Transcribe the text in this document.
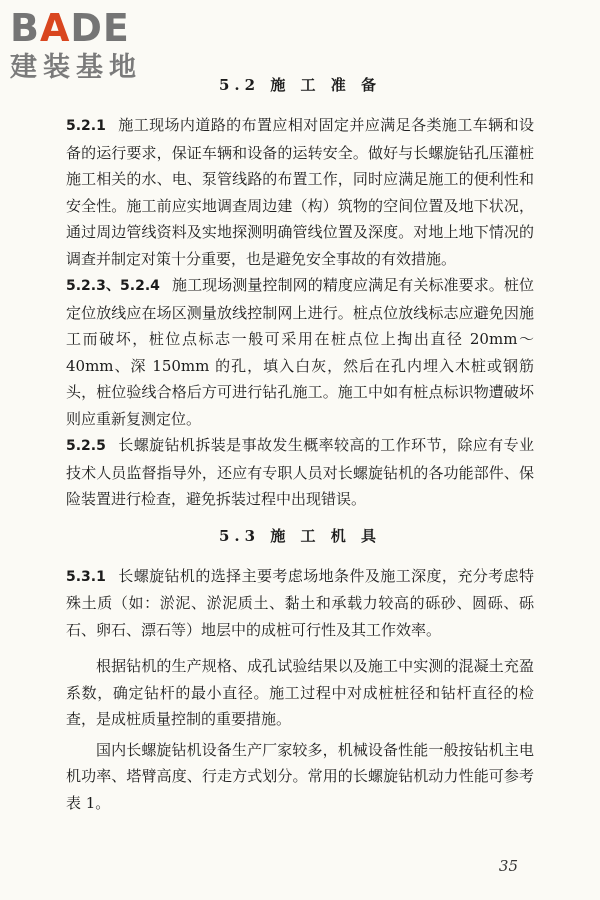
BADE
建装基地
5.2 施 工 准 备

5.2.1 施工现场内道路的布置应相对固定并应满足各类施工车辆和设备的运行要求，保证车辆和设备的运转安全。做好与长螺旋钻孔压灌桩施工相关的水、电、泵管线路的布置工作，同时应满足施工的便利性和安全性。施工前应实地调查周边建（构）筑物的空间位置及地下状况，通过周边管线资料及实地探测明确管线位置及深度。对地上地下情况的调查并制定对策十分重要，也是避免安全事故的有效措施。

5.2.3、5.2.4 施工现场测量控制网的精度应满足有关标准要求。桩位定位放线应在场区测量放线控制网上进行。桩点位放线标志应避免因施工而破坏，桩位点标志一般可采用在桩点位上掏出直径 20mm～40mm、深 150mm 的孔，填入白灰，然后在孔内埋入木桩或钢筋头，桩位验线合格后方可进行钻孔施工。施工中如有桩点标识物遭破坏则应重新复测定位。

5.2.5 长螺旋钻机拆装是事故发生概率较高的工作环节，除应有专业技术人员监督指导外，还应有专职人员对长螺旋钻机的各功能部件、保险装置进行检查，避免拆装过程中出现错误。

5.3 施 工 机 具

5.3.1 长螺旋钻机的选择主要考虑场地条件及施工深度，充分考虑特殊土质（如：淤泥、淤泥质土、黏土和承载力较高的砾砂、圆砾、砾石、卵石、漂石等）地层中的成桩可行性及其工作效率。

根据钻机的生产规格、成孔试验结果以及施工中实测的混凝土充盈系数，确定钻杆的最小直径。施工过程中对成桩桩径和钻杆直径的检查，是成桩质量控制的重要措施。

国内长螺旋钻机设备生产厂家较多，机械设备性能一般按钻机主电机功率、塔臂高度、行走方式划分。常用的长螺旋钻机动力性能可参考表 1。

35
